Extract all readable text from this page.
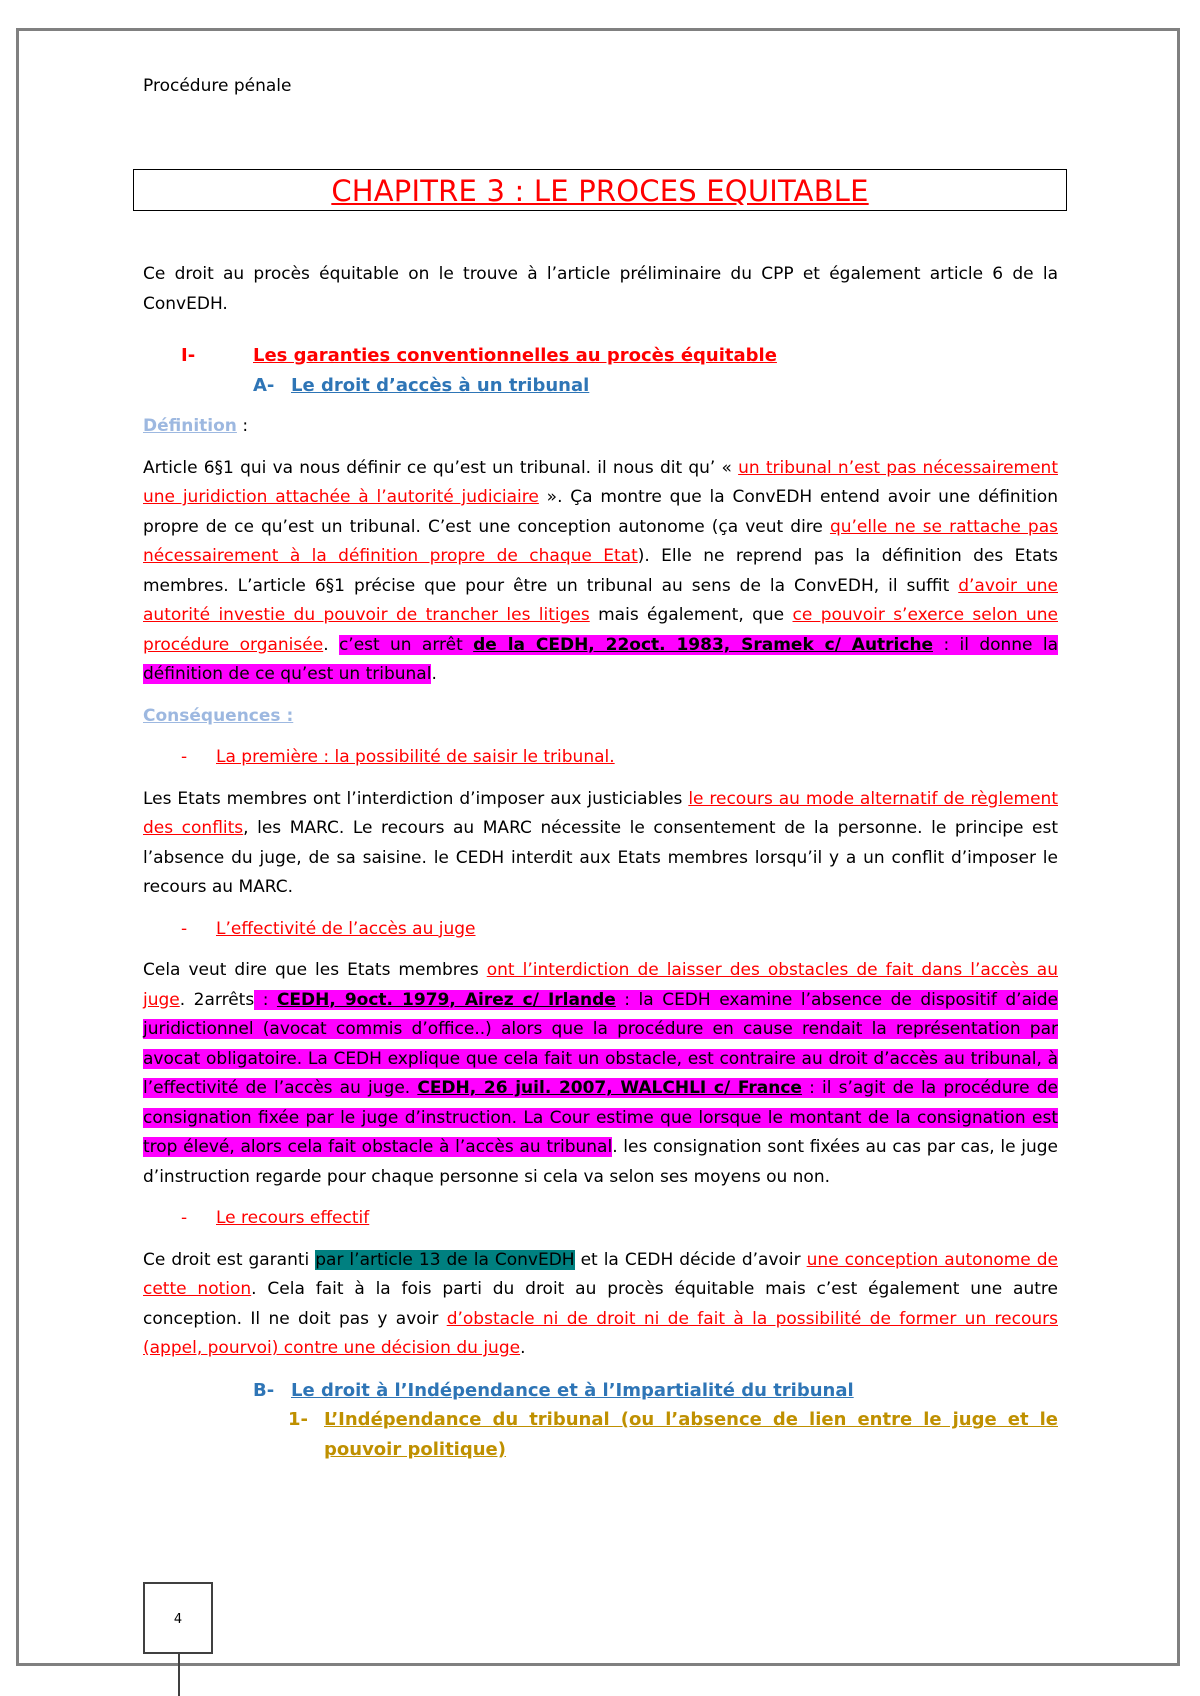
Procédure pénale
CHAPITRE 3 : LE PROCES EQUITABLE

Ce droit au procès équitable on le trouve à l’article préliminaire du CPP et également article 6 de la ConvEDH.

I-	Les garanties conventionnelles au procès équitable
A- Le droit d’accès à un tribunal

Définition :

Article 6§1 qui va nous définir ce qu’est un tribunal. il nous dit qu’ « un tribunal n’est pas nécessairement une juridiction attachée à l’autorité judiciaire ». Ça montre que la ConvEDH entend avoir une définition propre de ce qu’est un tribunal. C’est une conception autonome (ça veut dire qu’elle ne se rattache pas nécessairement à la définition propre de chaque Etat). Elle ne reprend pas la définition des Etats membres. L’article 6§1 précise que pour être un tribunal au sens de la ConvEDH, il suffit d’avoir une autorité investie du pouvoir de trancher les litiges mais également, que ce pouvoir s’exerce selon une procédure organisée. c’est un arrêt de la CEDH, 22oct. 1983, Sramek c/ Autriche : il donne la définition de ce qu’est un tribunal.

Conséquences :

-	La première : la possibilité de saisir le tribunal.

Les Etats membres ont l’interdiction d’imposer aux justiciables le recours au mode alternatif de règlement des conflits, les MARC. Le recours au MARC nécessite le consentement de la personne. le principe est l’absence du juge, de sa saisine. le CEDH interdit aux Etats membres lorsqu’il y a un conflit d’imposer le recours au MARC.

-	L’effectivité de l’accès au juge

Cela veut dire que les Etats membres ont l’interdiction de laisser des obstacles de fait dans l’accès au juge. 2arrêts : CEDH, 9oct. 1979, Airez c/ Irlande : la CEDH examine l’absence de dispositif d’aide juridictionnel (avocat commis d’office..) alors que la procédure en cause rendait la représentation par avocat obligatoire. La CEDH explique que cela fait un obstacle, est contraire au droit d’accès au tribunal, à l’effectivité de l’accès au juge. CEDH, 26 juil. 2007, WALCHLI c/ France : il s’agit de la procédure de consignation fixée par le juge d’instruction. La Cour estime que lorsque le montant de la consignation est trop élevé, alors cela fait obstacle à l’accès au tribunal. les consignation sont fixées au cas par cas, le juge d’instruction regarde pour chaque personne si cela va selon ses moyens ou non.

-	Le recours effectif

Ce droit est garanti par l’article 13 de la ConvEDH et la CEDH décide d’avoir une conception autonome de cette notion. Cela fait à la fois parti du droit au procès équitable mais c’est également une autre conception. Il ne doit pas y avoir d’obstacle ni de droit ni de fait à la possibilité de former un recours (appel, pourvoi) contre une décision du juge.

B- Le droit à l’Indépendance et à l’Impartialité du tribunal
1- L’Indépendance du tribunal (ou l’absence de lien entre le juge et le pouvoir politique)
4
